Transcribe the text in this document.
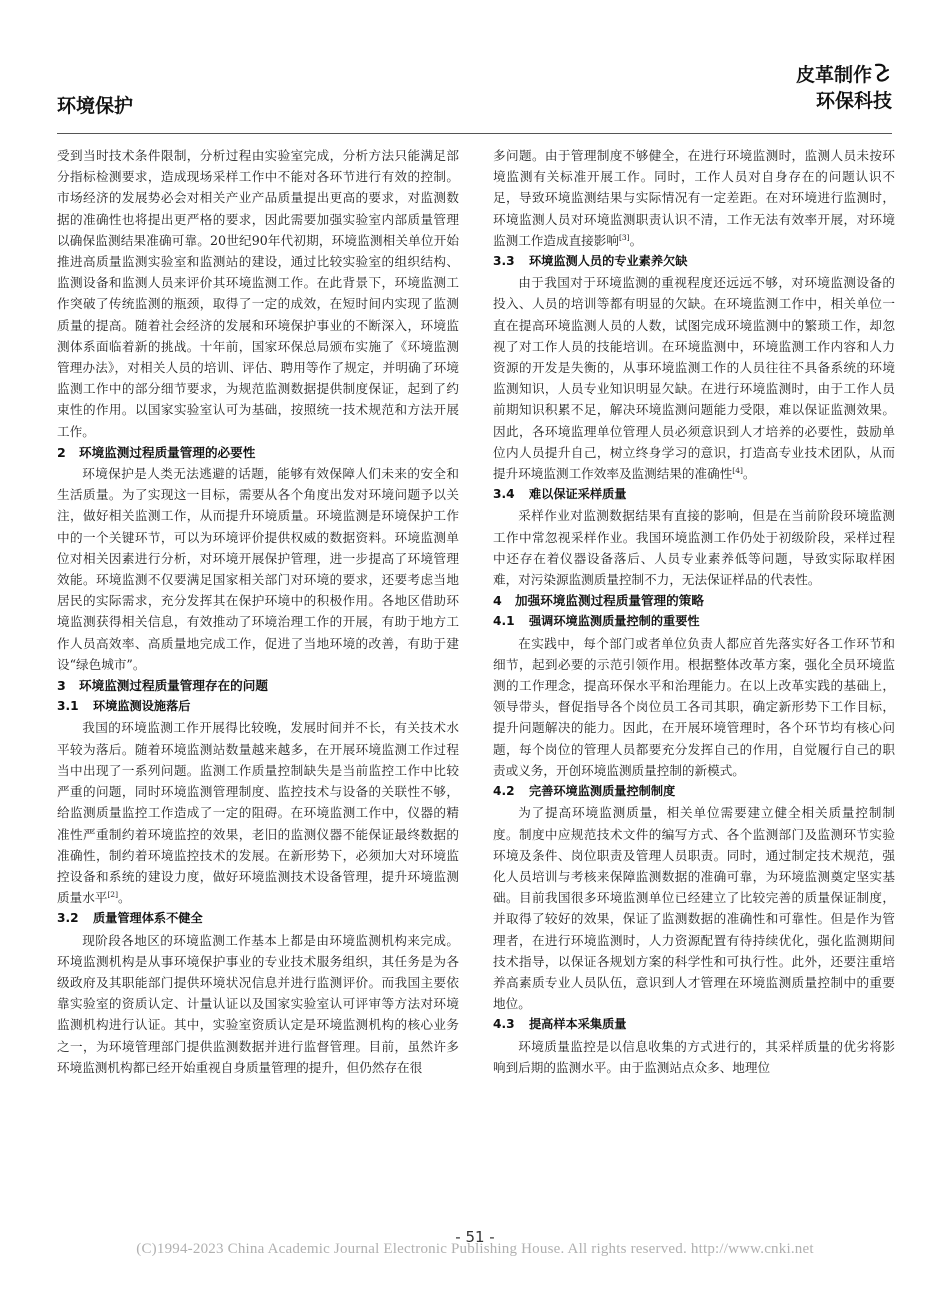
环境保护
皮革制作
环保科技

受到当时技术条件限制，分析过程由实验室完成，分析方法只能满足部分指标检测要求，造成现场采样工作中不能对各环节进行有效的控制。市场经济的发展势必会对相关产业产品质量提出更高的要求，对监测数据的准确性也将提出更严格的要求，因此需要加强实验室内部质量管理以确保监测结果准确可靠。20世纪90年代初期，环境监测相关单位开始推进高质量监测实验室和监测站的建设，通过比较实验室的组织结构、监测设备和监测人员来评价其环境监测工作。在此背景下，环境监测工作突破了传统监测的瓶颈，取得了一定的成效，在短时间内实现了监测质量的提高。随着社会经济的发展和环境保护事业的不断深入，环境监测体系面临着新的挑战。十年前，国家环保总局颁布实施了《环境监测管理办法》，对相关人员的培训、评估、聘用等作了规定，并明确了环境监测工作中的部分细节要求，为规范监测数据提供制度保证，起到了约束性的作用。以国家实验室认可为基础，按照统一技术规范和方法开展工作。

2 环境监测过程质量管理的必要性

环境保护是人类无法逃避的话题，能够有效保障人们未来的安全和生活质量。为了实现这一目标，需要从各个角度出发对环境问题予以关注，做好相关监测工作，从而提升环境质量。环境监测是环境保护工作中的一个关键环节，可以为环境评价提供权威的数据资料。环境监测单位对相关因素进行分析，对环境开展保护管理，进一步提高了环境管理效能。环境监测不仅要满足国家相关部门对环境的要求，还要考虑当地居民的实际需求，充分发挥其在保护环境中的积极作用。各地区借助环境监测获得相关信息，有效推动了环境治理工作的开展，有助于地方工作人员高效率、高质量地完成工作，促进了当地环境的改善，有助于建设“绿色城市”。

3 环境监测过程质量管理存在的问题
3.1 环境监测设施落后

我国的环境监测工作开展得比较晚，发展时间并不长，有关技术水平较为落后。随着环境监测站数量越来越多，在开展环境监测工作过程当中出现了一系列问题。监测工作质量控制缺失是当前监控工作中比较严重的问题，同时环境监测管理制度、监控技术与设备的关联性不够，给监测质量监控工作造成了一定的阻碍。在环境监测工作中，仪器的精准性严重制约着环境监控的效果，老旧的监测仪器不能保证最终数据的准确性，制约着环境监控技术的发展。在新形势下，必须加大对环境监控设备和系统的建设力度，做好环境监测技术设备管理，提升环境监测质量水平[2]。

3.2 质量管理体系不健全

现阶段各地区的环境监测工作基本上都是由环境监测机构来完成。环境监测机构是从事环境保护事业的专业技术服务组织，其任务是为各级政府及其职能部门提供环境状况信息并进行监测评价。而我国主要依靠实验室的资质认定、计量认证以及国家实验室认可评审等方法对环境监测机构进行认证。其中，实验室资质认定是环境监测机构的核心业务之一，为环境管理部门提供监测数据并进行监督管理。目前，虽然许多环境监测机构都已经开始重视自身质量管理的提升，但仍然存在很

多问题。由于管理制度不够健全，在进行环境监测时，监测人员未按环境监测有关标准开展工作。同时，工作人员对自身存在的问题认识不足，导致环境监测结果与实际情况有一定差距。在对环境进行监测时，环境监测人员对环境监测职责认识不清，工作无法有效率开展，对环境监测工作造成直接影响[3]。

3.3 环境监测人员的专业素养欠缺

由于我国对于环境监测的重视程度还远远不够，对环境监测设备的投入、人员的培训等都有明显的欠缺。在环境监测工作中，相关单位一直在提高环境监测人员的人数，试图完成环境监测中的繁琐工作，却忽视了对工作人员的技能培训。在环境监测中，环境监测工作内容和人力资源的开发是失衡的，从事环境监测工作的人员往往不具备系统的环境监测知识，人员专业知识明显欠缺。在进行环境监测时，由于工作人员前期知识积累不足，解决环境监测问题能力受限，难以保证监测效果。因此，各环境监理单位管理人员必须意识到人才培养的必要性，鼓励单位内人员提升自己，树立终身学习的意识，打造高专业技术团队，从而提升环境监测工作效率及监测结果的准确性[4]。

3.4 难以保证采样质量

采样作业对监测数据结果有直接的影响，但是在当前阶段环境监测工作中常忽视采样作业。我国环境监测工作仍处于初级阶段，采样过程中还存在着仪器设备落后、人员专业素养低等问题，导致实际取样困难，对污染源监测质量控制不力，无法保证样品的代表性。

4 加强环境监测过程质量管理的策略
4.1 强调环境监测质量控制的重要性

在实践中，每个部门或者单位负责人都应首先落实好各工作环节和细节，起到必要的示范引领作用。根据整体改革方案，强化全员环境监测的工作理念，提高环保水平和治理能力。在以上改革实践的基础上，领导带头，督促指导各个岗位员工各司其职，确定新形势下工作目标，提升问题解决的能力。因此，在开展环境管理时，各个环节均有核心问题，每个岗位的管理人员都要充分发挥自己的作用，自觉履行自己的职责或义务，开创环境监测质量控制的新模式。

4.2 完善环境监测质量控制制度

为了提高环境监测质量，相关单位需要建立健全相关质量控制制度。制度中应规范技术文件的编写方式、各个监测部门及监测环节实验环境及条件、岗位职责及管理人员职责。同时，通过制定技术规范，强化人员培训与考核来保障监测数据的准确可靠，为环境监测奠定坚实基础。目前我国很多环境监测单位已经建立了比较完善的质量保证制度，并取得了较好的效果，保证了监测数据的准确性和可靠性。但是作为管理者，在进行环境监测时，人力资源配置有待持续优化，强化监测期间技术指导，以保证各规划方案的科学性和可执行性。此外，还要注重培养高素质专业人员队伍，意识到人才管理在环境监测质量控制中的重要地位。

4.3 提高样本采集质量

环境质量监控是以信息收集的方式进行的，其采样质量的优劣将影响到后期的监测水平。由于监测站点众多、地理位

- 51 -
(C)1994-2023 China Academic Journal Electronic Publishing House. All rights reserved. http://www.cnki.net
